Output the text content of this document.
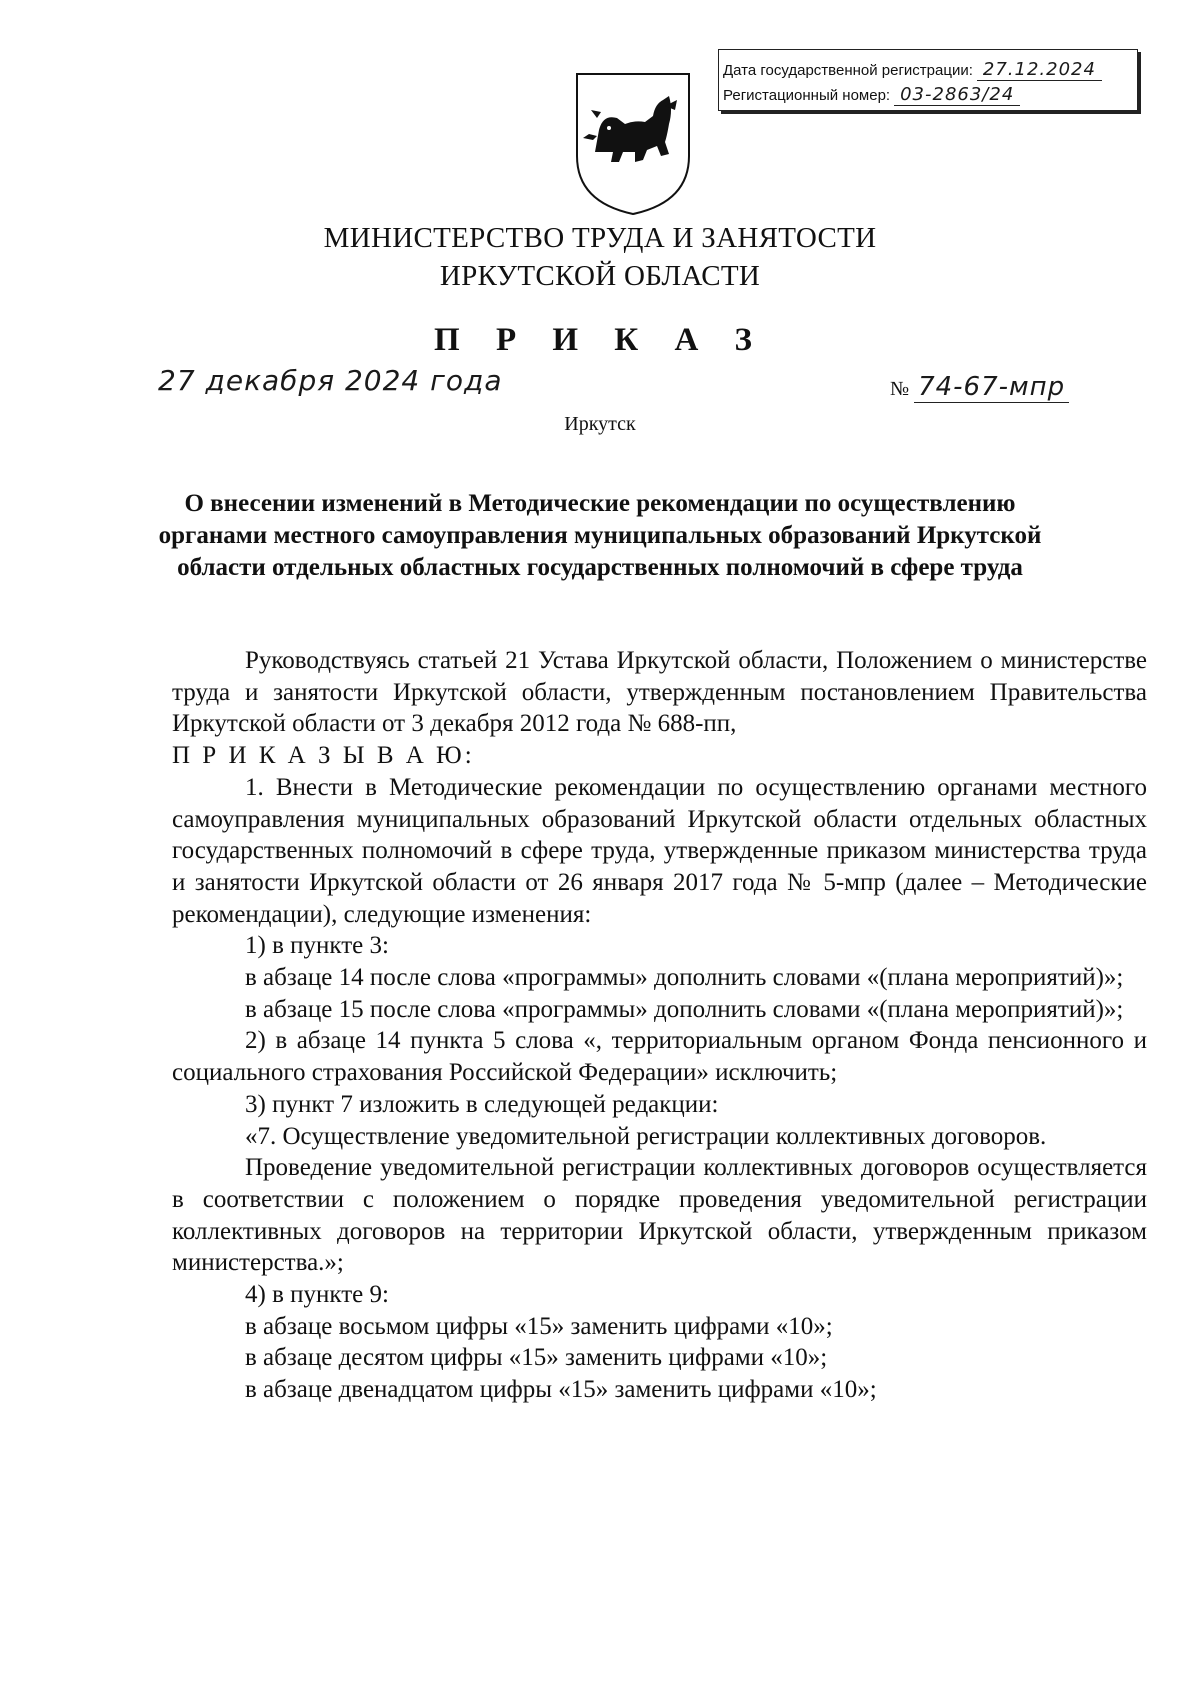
Дата государственной регистрации: 27.12.2024
Регистационный номер: 03-2863/24
МИНИСТЕРСТВО ТРУДА И ЗАНЯТОСТИ
ИРКУТСКОЙ ОБЛАСТИ
П Р И К А З
27 декабря 2024 года	№ 74-67-мпр
Иркутск
О внесении изменений в Методические рекомендации по осуществлению органами местного самоуправления муниципальных образований Иркутской области отдельных областных государственных полномочий в сфере труда

Руководствуясь статьей 21 Устава Иркутской области, Положением о министерстве труда и занятости Иркутской области, утвержденным постановлением Правительства Иркутской области от 3 декабря 2012 года № 688-пп,

П Р И К А З Ы В А Ю:

1. Внести в Методические рекомендации по осуществлению органами местного самоуправления муниципальных образований Иркутской области отдельных областных государственных полномочий в сфере труда, утвержденные приказом министерства труда и занятости Иркутской области от 26 января 2017 года № 5-мпр (далее – Методические рекомендации), следующие изменения:

1) в пункте 3:

в абзаце 14 после слова «программы» дополнить словами «(плана мероприятий)»;

в абзаце 15 после слова «программы» дополнить словами «(плана мероприятий)»;

2) в абзаце 14 пункта 5 слова «, территориальным органом Фонда пенсионного и социального страхования Российской Федерации» исключить;

3) пункт 7 изложить в следующей редакции:

«7. Осуществление уведомительной регистрации коллективных договоров.

Проведение уведомительной регистрации коллективных договоров осуществляется в соответствии с положением о порядке проведения уведомительной регистрации коллективных договоров на территории Иркутской области, утвержденным приказом министерства.»;

4) в пункте 9:

в абзаце восьмом цифры «15» заменить цифрами «10»;

в абзаце десятом цифры «15» заменить цифрами «10»;

в абзаце двенадцатом цифры «15» заменить цифрами «10»;
